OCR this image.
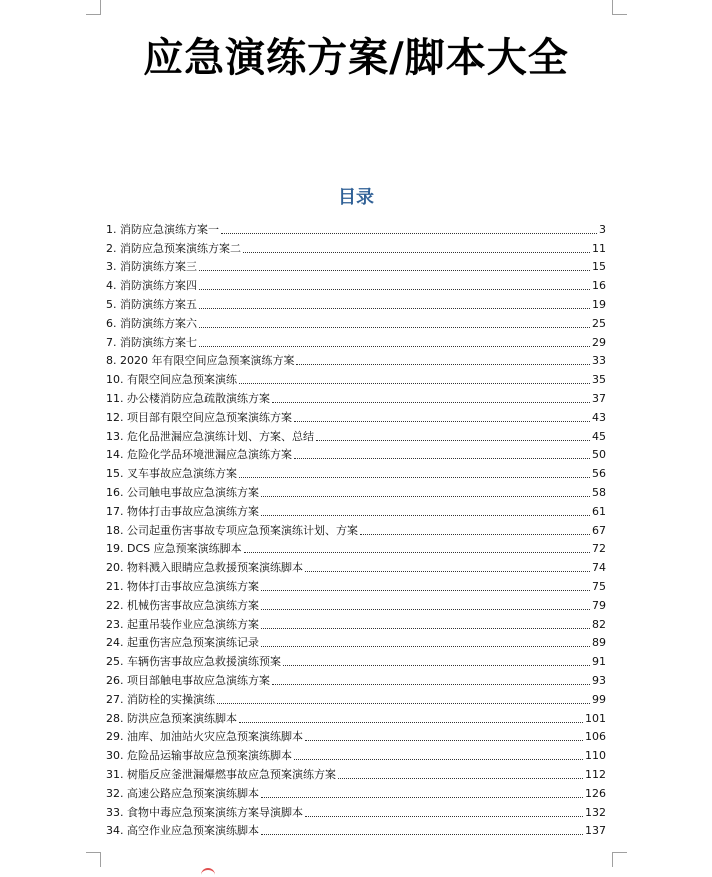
应急演练方案/脚本大全
目录
1. 消防应急演练方案一	3
2. 消防应急预案演练方案二	11
3. 消防演练方案三	15
4. 消防演练方案四	16
5. 消防演练方案五	19
6. 消防演练方案六	25
7. 消防演练方案七	29
8. 2020 年有限空间应急预案演练方案	33
10. 有限空间应急预案演练	35
11. 办公楼消防应急疏散演练方案	37
12. 项目部有限空间应急预案演练方案	43
13. 危化品泄漏应急演练计划、方案、总结	45
14. 危险化学品环境泄漏应急演练方案	50
15. 叉车事故应急演练方案	56
16. 公司触电事故应急演练方案	58
17. 物体打击事故应急演练方案	61
18. 公司起重伤害事故专项应急预案演练计划、方案	67
19. DCS 应急预案演练脚本	72
20. 物料溅入眼睛应急救援预案演练脚本	74
21. 物体打击事故应急演练方案	75
22. 机械伤害事故应急演练方案	79
23. 起重吊装作业应急演练方案	82
24. 起重伤害应急预案演练记录	89
25. 车辆伤害事故应急救援演练预案	91
26. 项目部触电事故应急演练方案	93
27. 消防栓的实操演练	99
28. 防洪应急预案演练脚本	101
29. 油库、加油站火灾应急预案演练脚本	106
30. 危险品运输事故应急预案演练脚本	110
31. 树脂反应釜泄漏爆燃事故应急预案演练方案	112
32. 高速公路应急预案演练脚本	126
33. 食物中毒应急预案演练方案导演脚本	132
34. 高空作业应急预案演练脚本	137
